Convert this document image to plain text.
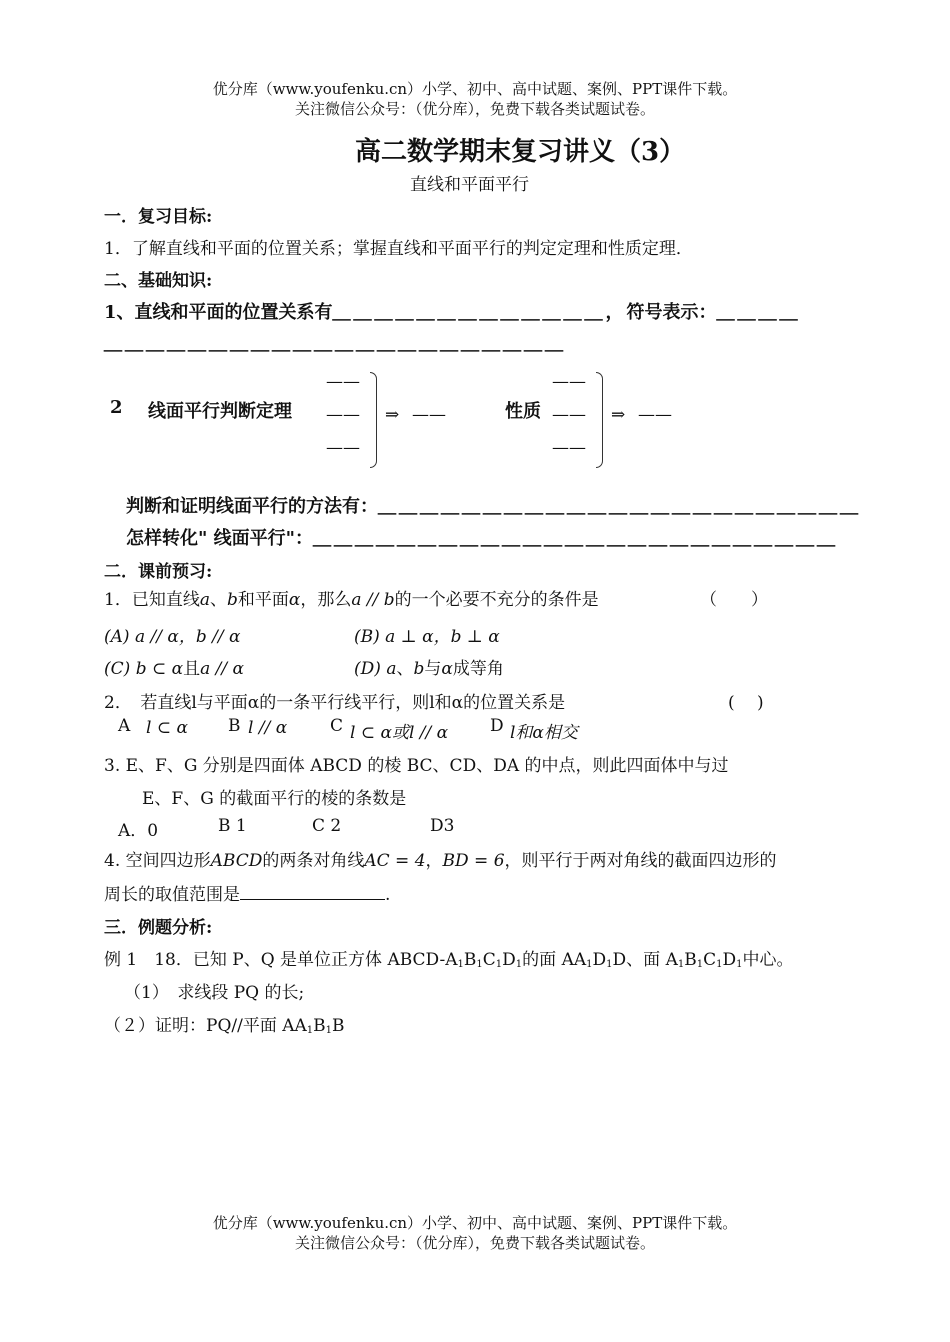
优分库（www.youfenku.cn）小学、初中、高中试题、案例、PPT课件下载。
关注微信公众号：（优分库），免费下载各类试题试卷。
高二数学期末复习讲义（3）
直线和平面平行
一．复习目标:
1．了解直线和平面的位置关系；掌握直线和平面平行的判定定理和性质定理．
二、基础知识:
1、直线和平面的位置关系有＿＿＿＿＿＿＿＿＿＿＿＿＿，符号表示：＿＿＿＿
＿＿＿＿＿＿＿＿＿＿＿＿＿＿＿＿＿＿＿＿＿＿
2 线面平行判断定理
——
——
——
⇒ ——	性质
——
——
——
⇒ ——
判断和证明线面平行的方法有：＿＿＿＿＿＿＿＿＿＿＿＿＿＿＿＿＿＿＿＿＿＿＿
怎样转化" 线面平行"：＿＿＿＿＿＿＿＿＿＿＿＿＿＿＿＿＿＿＿＿＿＿＿＿＿
二．课前预习:
1．已知直线a、b和平面α，那么a // b的一个必要不充分的条件是	（　　）
(A) a // α，b // α	(B) a ⊥ α，b ⊥ α
(C) b ⊂ α且a // α	(D) a、b与α成等角
2．　若直线l与平面α的一条平行线平行，则l和α的位置关系是	(　 )
A l ⊂ α B l // α	C l ⊂ α或l // α D l和α相交
3. E、F、G 分别是四面体 ABCD 的棱 BC、CD、DA 的中点，则此四面体中与过
E、F、G 的截面平行的棱的条数是
A．0	B 1	C 2	D3
4. 空间四边形ABCD的两条对角线AC = 4，BD = 6，则平行于两对角线的截面四边形的
周长的取值范围是	.
三．例题分析:
例 1　18．已知 P、Q 是单位正方体 ABCD-$A_1B_1C_1D_1$的面 $AA_1D_1D$、面 $A_1B_1C_1D_1$中心。
（1）　求线段 PQ 的长;
（２）证明：PQ//平面 $AA_1B_1B$
优分库（www.youfenku.cn）小学、初中、高中试题、案例、PPT课件下载。
关注微信公众号：（优分库），免费下载各类试题试卷。
